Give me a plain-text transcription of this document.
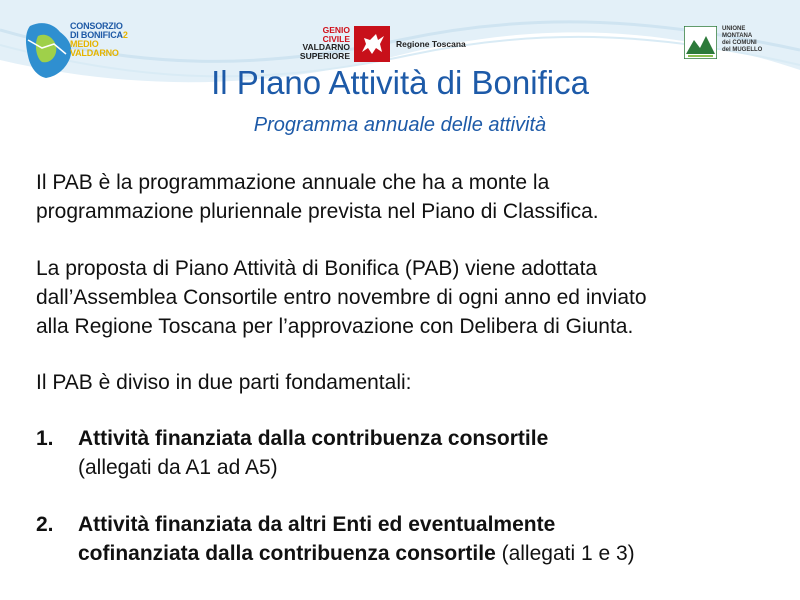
CONSORZIO
DI BONIFICA2
MEDIO
VALDARNO
GENIO
CIVILE
VALDARNO
SUPERIORE
Regione Toscana
UNIONE
MONTANA
dei COMUNI
del MUGELLO
Il Piano Attività di Bonifica
Programma annuale delle attività
Il PAB è la programmazione annuale che ha a monte la
programmazione pluriennale prevista nel Piano di Classifica.
La proposta di Piano Attività di Bonifica (PAB) viene adottata
dall’Assemblea Consortile entro novembre di ogni anno ed inviato
alla Regione Toscana per l’approvazione con Delibera di Giunta.
Il PAB è diviso in due parti fondamentali:
1. Attività finanziata dalla contribuenza consortile
(allegati da A1 ad A5)
2. Attività finanziata da altri Enti ed eventualmente
cofinanziata dalla contribuenza consortile (allegati 1 e 3)
